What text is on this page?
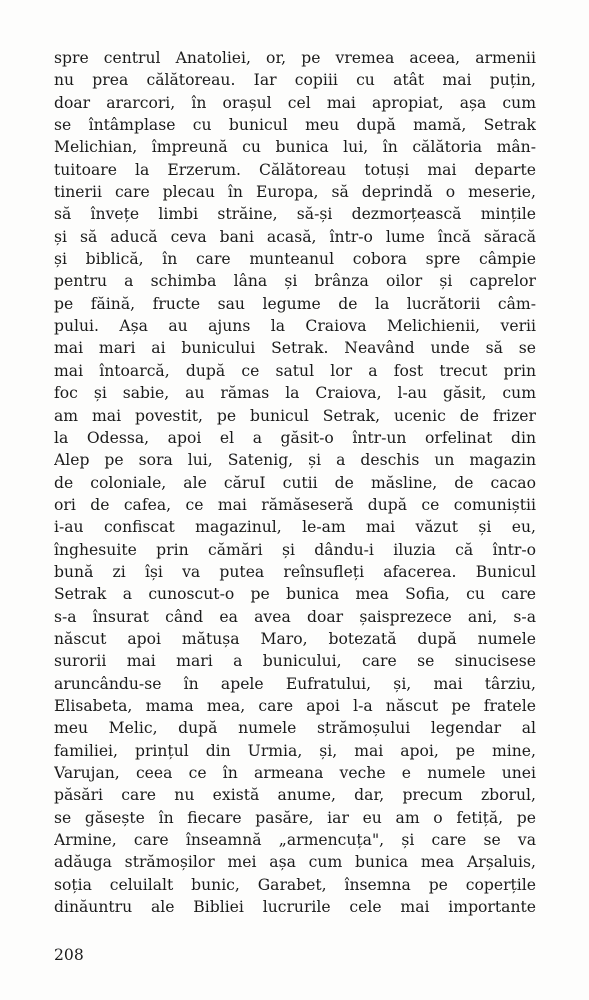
spre centrul Anatoliei, or, pe vremea aceea, armenii
nu prea călătoreau. Iar copiii cu atât mai puțin,
doar ararcori, în orașul cel mai apropiat, așa cum
se întâmplase cu bunicul meu după mamă, Setrak
Melichian, împreună cu bunica lui, în călătoria mân-
tuitoare la Erzerum. Călătoreau totuși mai departe
tinerii care plecau în Europa, să deprindă o meserie,
să învețe limbi străine, să-și dezmorțească mințile
și să aducă ceva bani acasă, într-o lume încă săracă
și biblică, în care munteanul cobora spre câmpie
pentru a schimba lâna și brânza oilor și caprelor
pe făină, fructe sau legume de la lucrătorii câm-
pului. Așa au ajuns la Craiova Melichienii, verii
mai mari ai bunicului Setrak. Neavând unde să se
mai întoarcă, după ce satul lor a fost trecut prin
foc și sabie, au rămas la Craiova, l-au găsit, cum
am mai povestit, pe bunicul Setrak, ucenic de frizer
la Odessa, apoi el a găsit-o într-un orfelinat din
Alep pe sora lui, Satenig, și a deschis un magazin
de coloniale, ale căruI cutii de măsline, de cacao
ori de cafea, ce mai rămăseseră după ce comuniștii
i-au confiscat magazinul, le-am mai văzut și eu,
înghesuite prin cămări și dându-i iluzia că într-o
bună zi își va putea reînsufleți afacerea. Bunicul
Setrak a cunoscut-o pe bunica mea Sofia, cu care
s-a însurat când ea avea doar șaisprezece ani, s-a
născut apoi mătușa Maro, botezată după numele
surorii mai mari a bunicului, care se sinucisese
aruncându-se în apele Eufratului, și, mai târziu,
Elisabeta, mama mea, care apoi l-a născut pe fratele
meu Melic, după numele strămoșului legendar al
familiei, prințul din Urmia, și, mai apoi, pe mine,
Varujan, ceea ce în armeana veche e numele unei
păsări care nu există anume, dar, precum zborul,
se găsește în fiecare pasăre, iar eu am o fetiță, pe
Armine, care înseamnă „armencuța", și care se va
adăuga strămoșilor mei așa cum bunica mea Arșaluis,
soția celuilalt bunic, Garabet, însemna pe coperțile
dinăuntru ale Bibliei lucrurile cele mai importante
208
